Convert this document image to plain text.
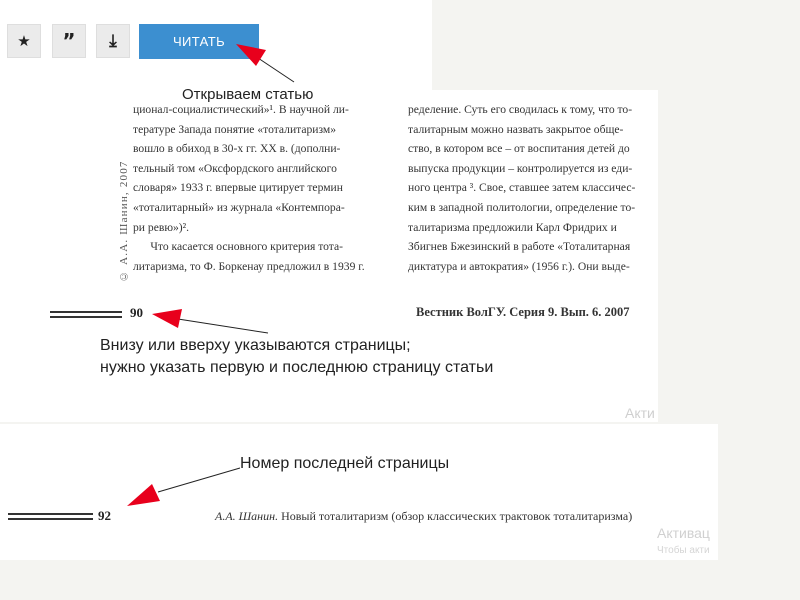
★ ” ⤓	ЧИТАТЬ
© А.А. Шанин, 2007
ционал-социалистический»¹. В научной ли-
тературе Запада понятие «тоталитаризм»
вошло в обиход в 30-х гг. XX в. (дополни-
тельный том «Оксфордского английского
словаря» 1933 г. впервые цитирует термин
«тоталитарный» из журнала «Контемпора-
ри ревю»)².
Что касается основного критерия тота-
литаризма, то Ф. Боркенау предложил в 1939 г.
ределение. Суть его сводилась к тому, что то-
талитарным можно назвать закрытое обще-
ство, в котором все – от воспитания детей до
выпуска продукции – контролируется из еди-
ного центра ³. Свое, ставшее затем классичес-
ким в западной политологии, определение то-
талитаризма предложили Карл Фридрих и
Збигнев Бжезинский в работе «Тоталитарная
диктатура и автократия» (1956 г.). Они выде-
90	Вестник ВолГУ. Серия 9. Вып. 6. 2007
Внизу или вверху указываются страницы;
нужно указать первую и последнюю страницу статьи
Акти
Открываем статью
Номер последней страницы
92	А.А. Шанин. Новый тоталитаризм (обзор классических трактовок тоталитаризма)
Активац
Чтобы акти
